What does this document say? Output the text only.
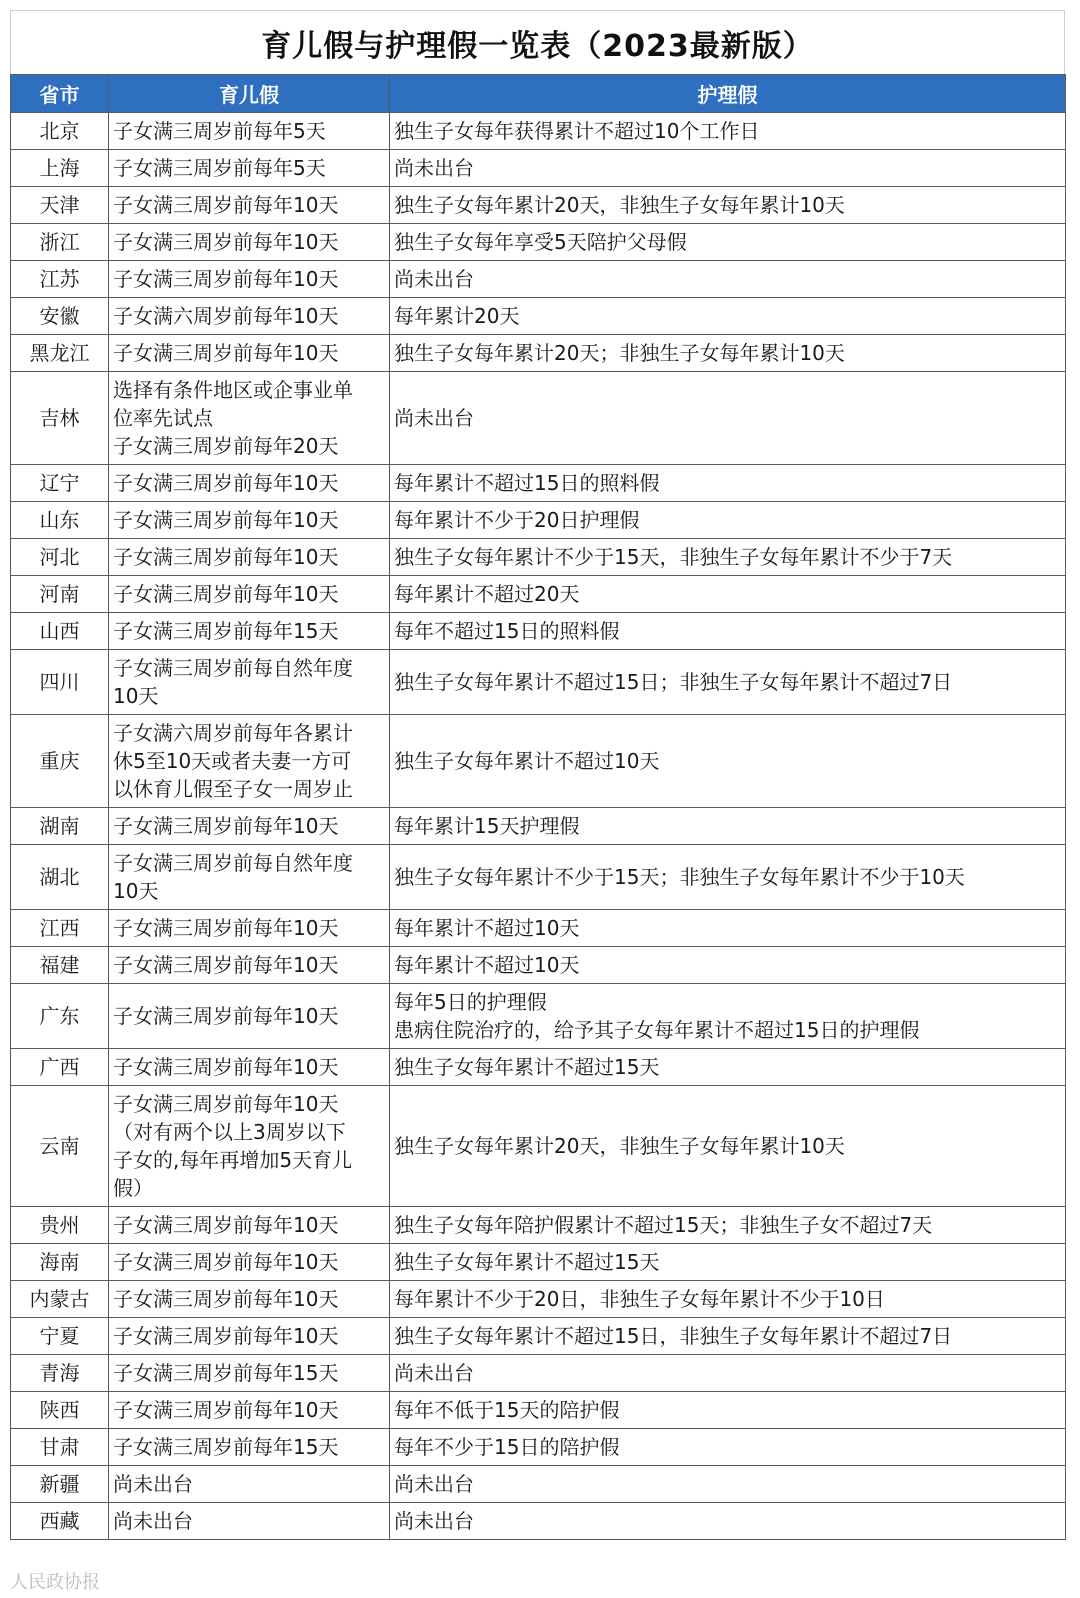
育儿假与护理假一览表（2023最新版）
省市	育儿假	护理假
北京	子女满三周岁前每年5天	独生子女每年获得累计不超过10个工作日

上海	子女满三周岁前每年5天	尚未出台

天津	子女满三周岁前每年10天	独生子女每年累计20天，非独生子女每年累计10天

浙江	子女满三周岁前每年10天	独生子女每年享受5天陪护父母假

江苏	子女满三周岁前每年10天	尚未出台

安徽	子女满六周岁前每年10天	每年累计20天

黑龙江	子女满三周岁前每年10天	独生子女每年累计20天；非独生子女每年累计10天

吉林	选择有条件地区或企事业单
位率先试点
子女满三周岁前每年20天	尚未出台

辽宁	子女满三周岁前每年10天	每年累计不超过15日的照料假

山东	子女满三周岁前每年10天	每年累计不少于20日护理假

河北	子女满三周岁前每年10天	独生子女每年累计不少于15天，非独生子女每年累计不少于7天

河南	子女满三周岁前每年10天	每年累计不超过20天

山西	子女满三周岁前每年15天	每年不超过15日的照料假

四川	子女满三周岁前每自然年度
10天	独生子女每年累计不超过15日；非独生子女每年累计不超过7日

重庆	子女满六周岁前每年各累计
休5至10天或者夫妻一方可
以休育儿假至子女一周岁止	独生子女每年累计不超过10天

湖南	子女满三周岁前每年10天	每年累计15天护理假

湖北	子女满三周岁前每自然年度
10天	独生子女每年累计不少于15天；非独生子女每年累计不少于10天

江西	子女满三周岁前每年10天	每年累计不超过10天

福建	子女满三周岁前每年10天	每年累计不超过10天

广东	子女满三周岁前每年10天	每年5日的护理假
患病住院治疗的，给予其子女每年累计不超过15日的护理假

广西	子女满三周岁前每年10天	独生子女每年累计不超过15天

云南	子女满三周岁前每年10天
（对有两个以上3周岁以下
子女的,每年再增加5天育儿
假）	独生子女每年累计20天，非独生子女每年累计10天

贵州	子女满三周岁前每年10天	独生子女每年陪护假累计不超过15天；非独生子女不超过7天

海南	子女满三周岁前每年10天	独生子女每年累计不超过15天

内蒙古	子女满三周岁前每年10天	每年累计不少于20日，非独生子女每年累计不少于10日

宁夏	子女满三周岁前每年10天	独生子女每年累计不超过15日，非独生子女每年累计不超过7日

青海	子女满三周岁前每年15天	尚未出台

陕西	子女满三周岁前每年10天	每年不低于15天的陪护假

甘肃	子女满三周岁前每年15天	每年不少于15日的陪护假

新疆	尚未出台	尚未出台

西藏	尚未出台	尚未出台
人民政协报
